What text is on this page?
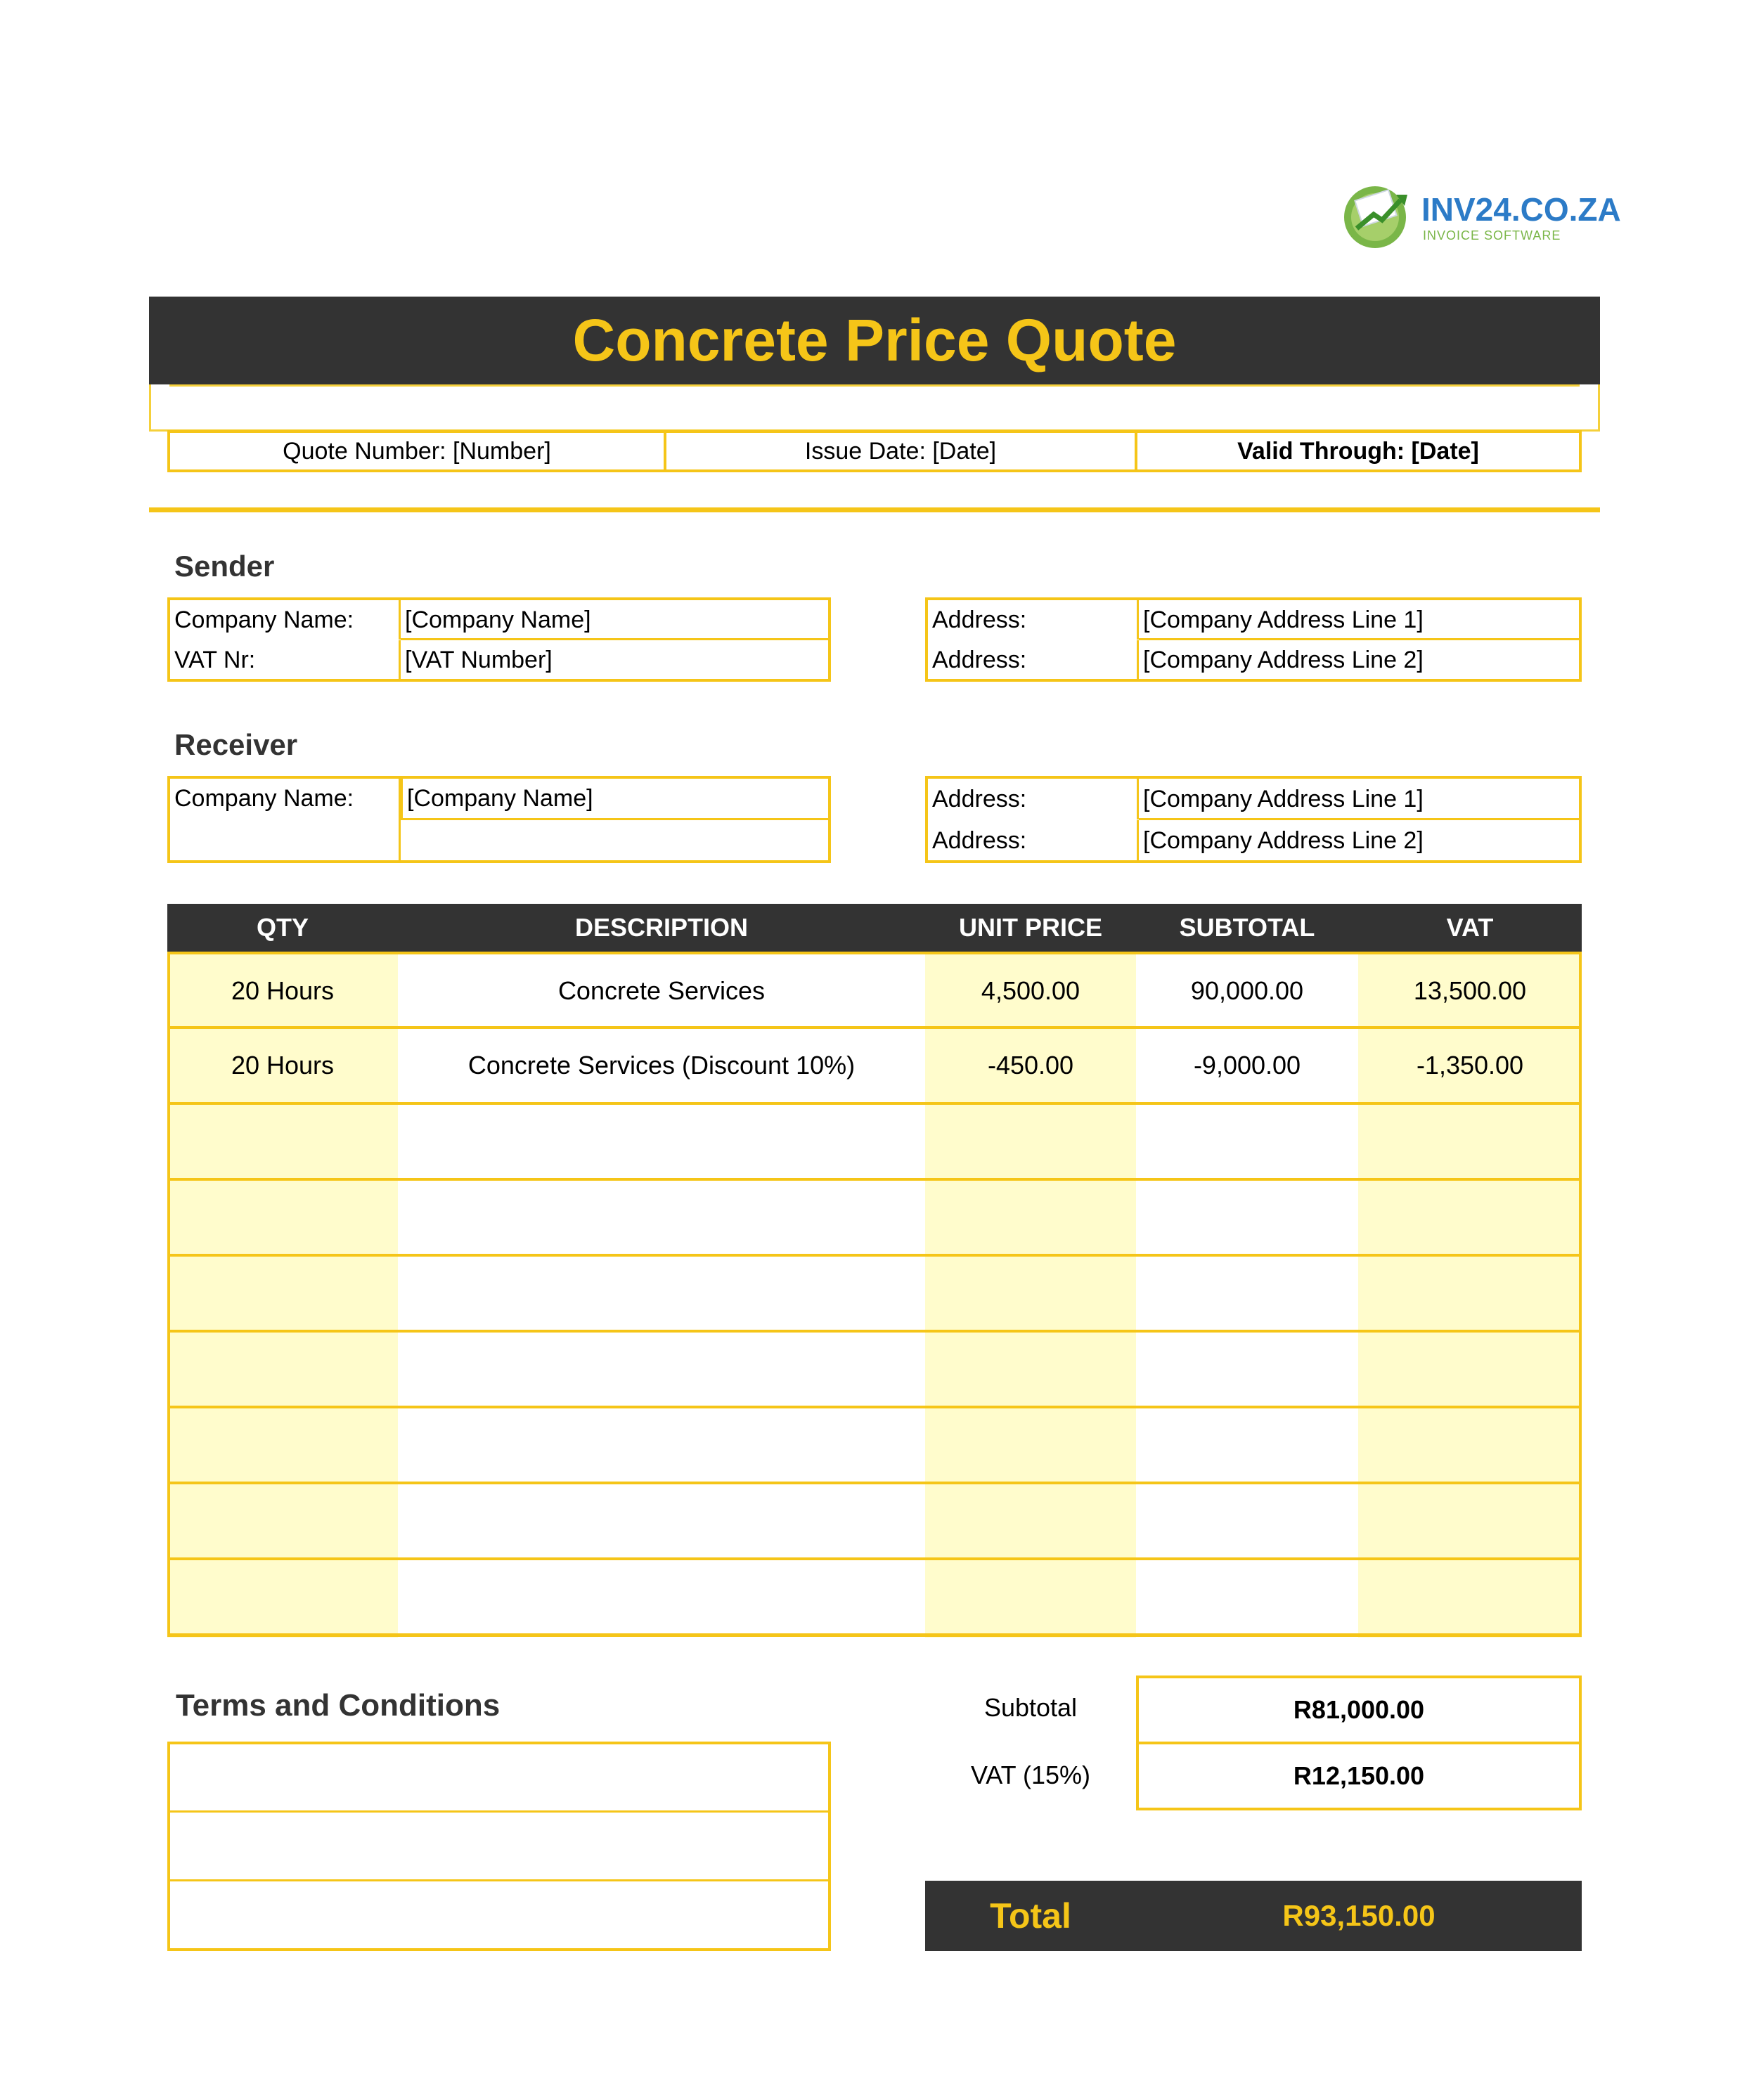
INV24.CO.ZA
INVOICE SOFTWARE
Concrete Price Quote
Quote Number: [Number]	Issue Date: [Date]	Valid Through: [Date]
Sender
Company Name:	[Company Name]
VAT Nr:	[VAT Number]
Address:	[Company Address Line 1]
Address:	[Company Address Line 2]
Receiver
Company Name:	[Company Name]	Address:	[Company Address Line 1]
Address:	[Company Address Line 2]
QTY	DESCRIPTION	UNIT PRICE	SUBTOTAL	VAT
20 Hours	Concrete Services	4,500.00	90,000.00	13,500.00
20 Hours	Concrete Services (Discount 10%)	-450.00	-9,000.00	-1,350.00
Terms and Conditions	Subtotal	R81,000.00
VAT (15%)	R12,150.00
Total	R93,150.00
